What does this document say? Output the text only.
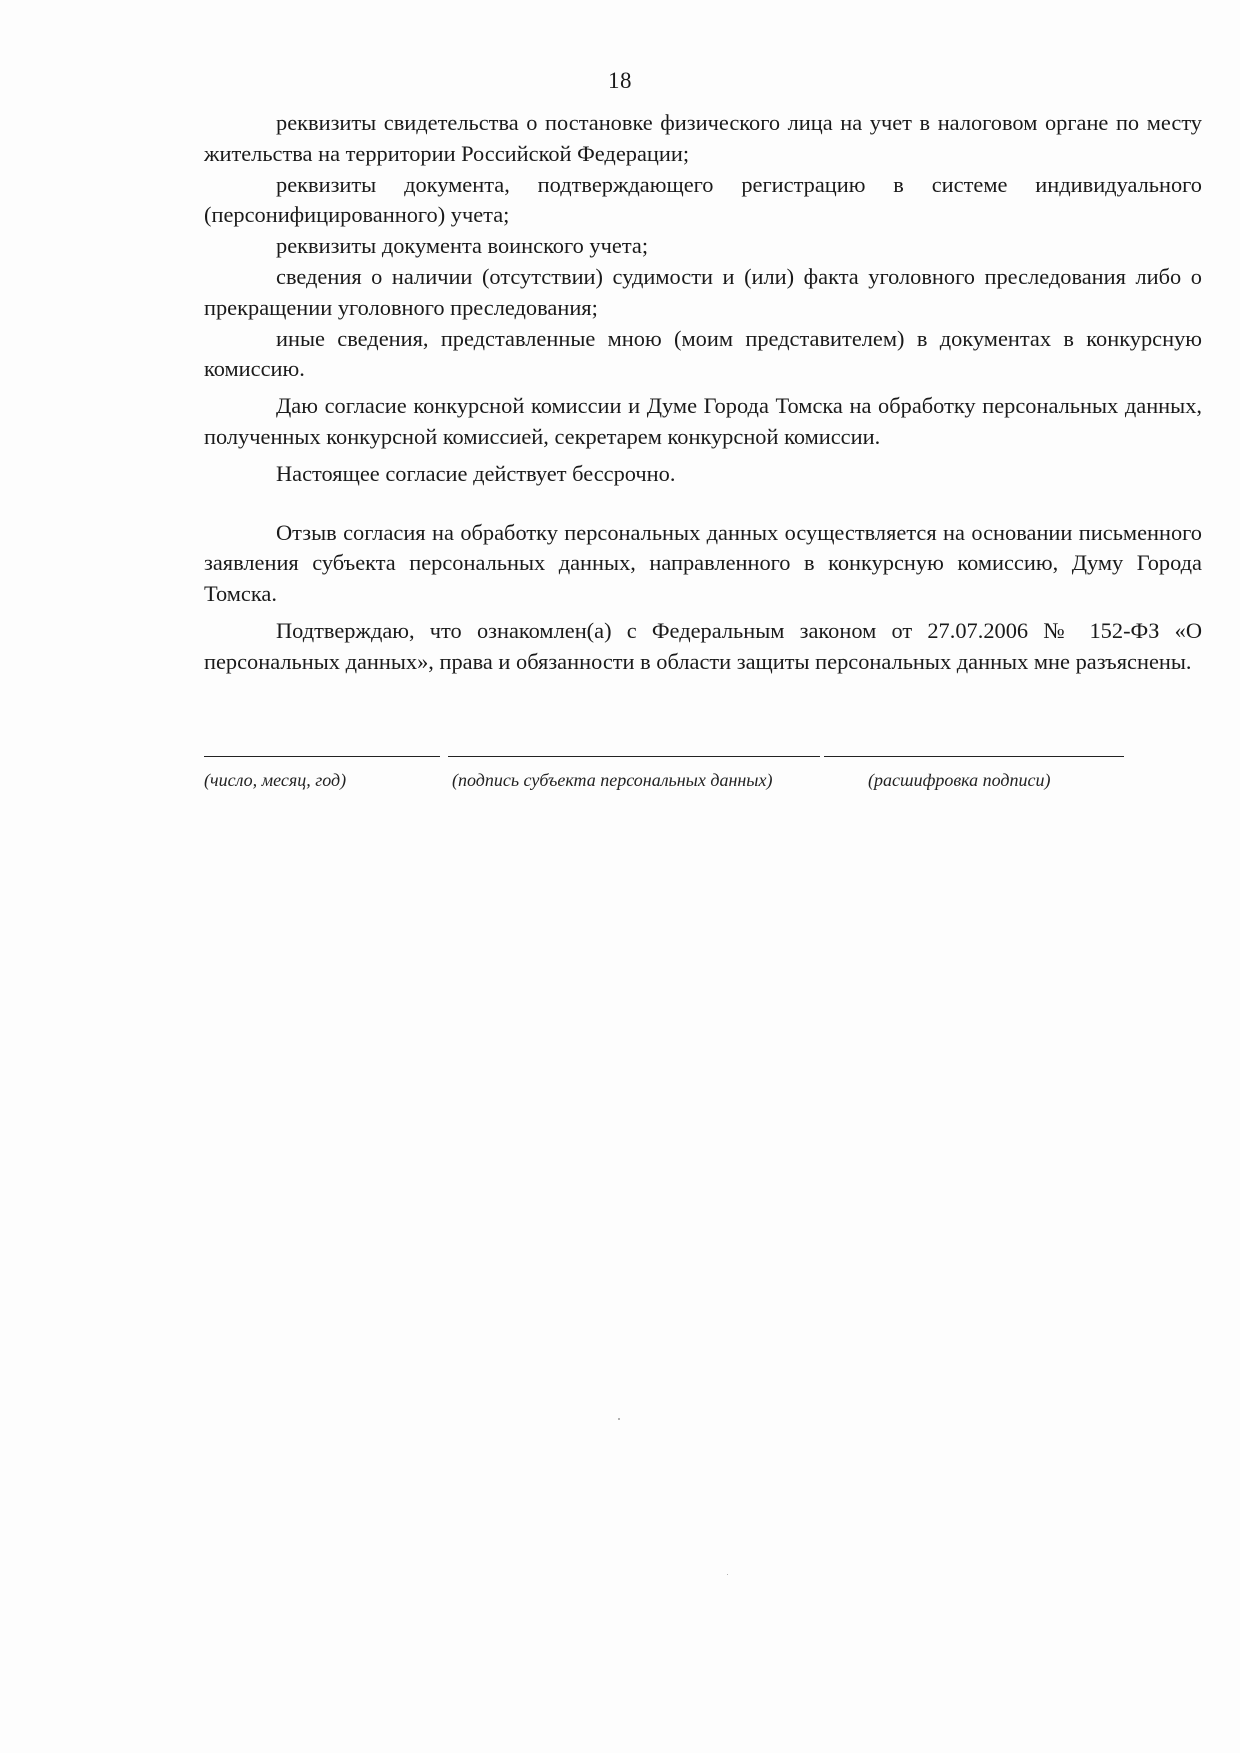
18

реквизиты свидетельства о постановке физического лица на учет в налоговом органе по месту жительства на территории Российской Федерации;

реквизиты документа, подтверждающего регистрацию в системе индивидуального (персонифицированного) учета;

реквизиты документа воинского учета;

сведения о наличии (отсутствии) судимости и (или) факта уголовного преследования либо о прекращении уголовного преследования;

иные сведения, представленные мною (моим представителем) в документах в конкурсную комиссию.

Даю согласие конкурсной комиссии и Думе Города Томска на обработку персональных данных, полученных конкурсной комиссией, секретарем конкурсной комиссии.

Настоящее согласие действует бессрочно.

Отзыв согласия на обработку персональных данных осуществляется на основании письменного заявления субъекта персональных данных, направленного в конкурсную комиссию, Думу Города Томска.

Подтверждаю, что ознакомлен(а) с Федеральным законом от 27.07.2006 № 152-ФЗ «О персональных данных», права и обязанности в области защиты персональных данных мне разъяснены.

(число, месяц, год)	(подпись субъекта персональных данных)	(расшифровка подписи)
